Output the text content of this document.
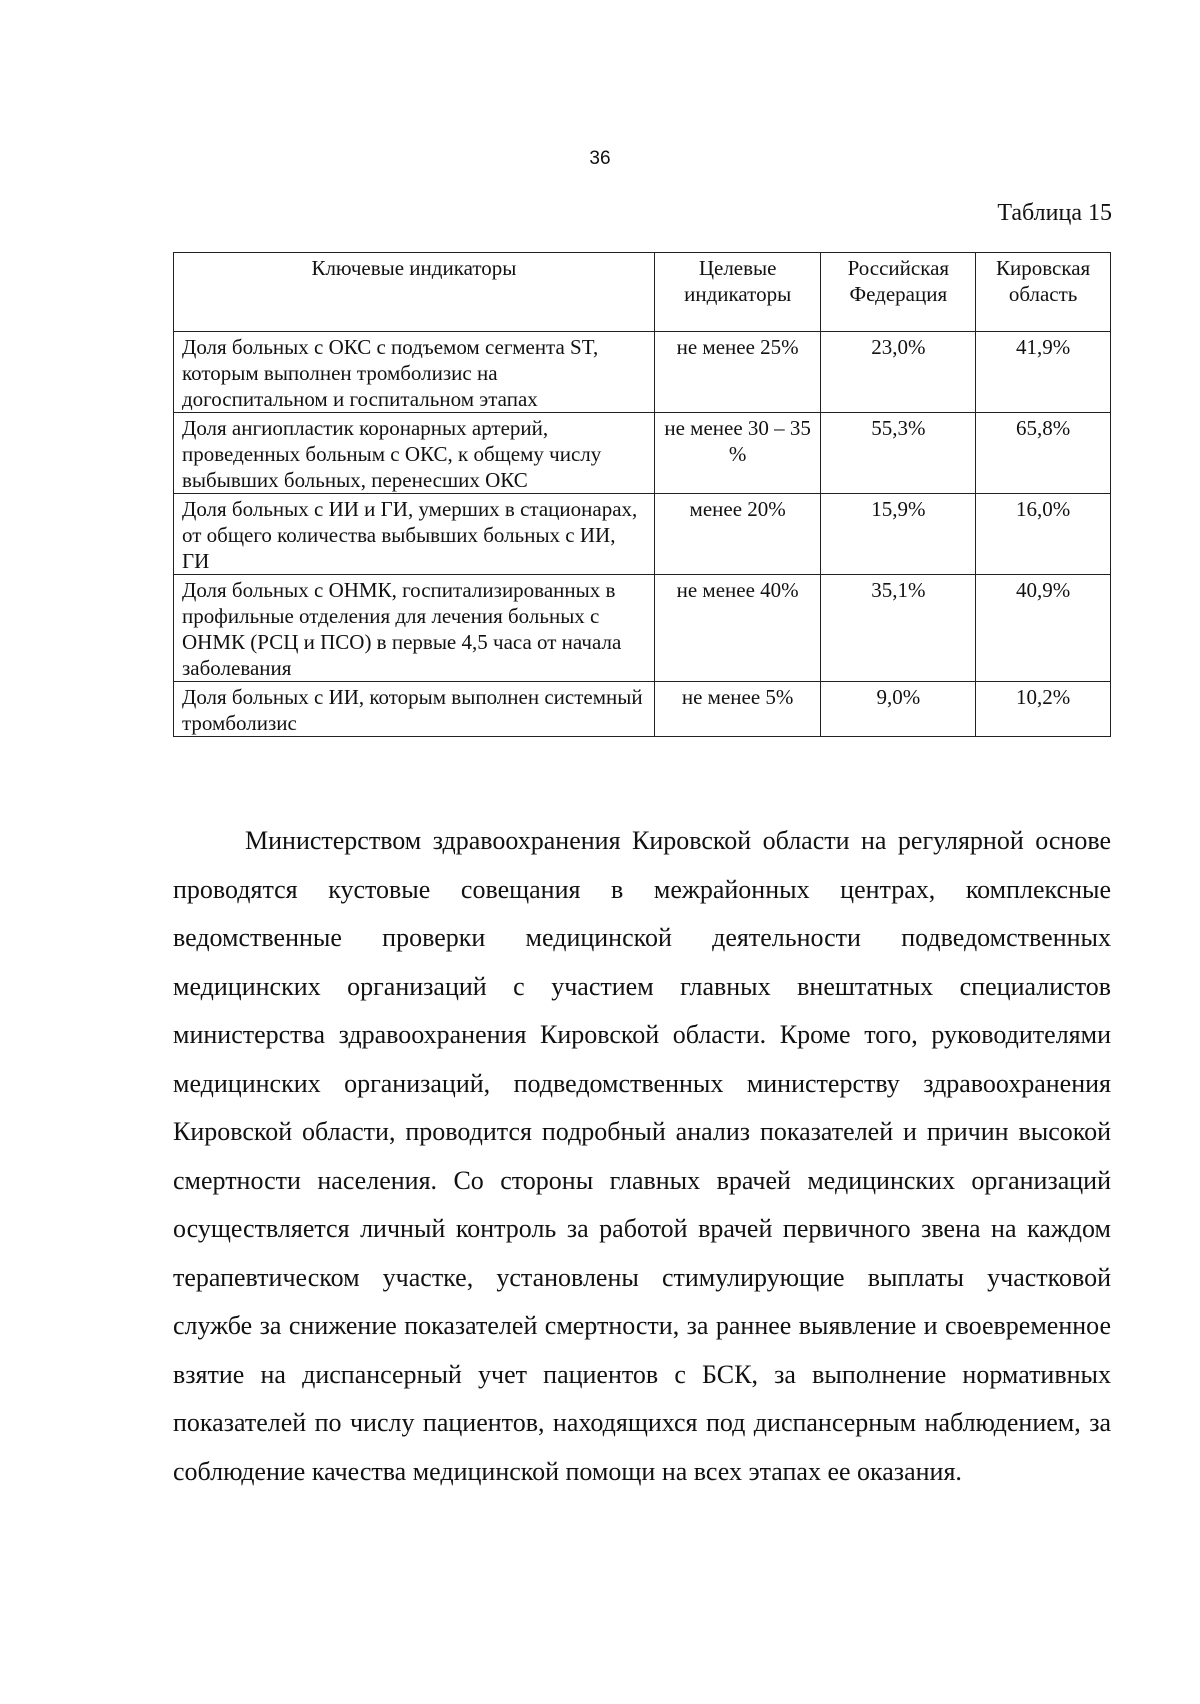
36
Таблица 15
Ключевые индикаторы	Целевые индикаторы	Российская Федерация	Кировская область
Доля больных с ОКС с подъемом сегмента ST, которым выполнен тромболизис на догоспитальном и госпитальном этапах	не менее 25%	23,0%	41,9%
Доля ангиопластик коронарных артерий, проведенных больным с ОКС, к общему числу выбывших больных, перенесших ОКС	не менее 30 – 35 %	55,3%	65,8%
Доля больных с ИИ и ГИ, умерших в стационарах, от общего количества выбывших больных с ИИ, ГИ	менее 20%	15,9%	16,0%
Доля больных с ОНМК, госпитализированных в профильные отделения для лечения больных с ОНМК (РСЦ и ПСО) в первые 4,5 часа от начала заболевания	не менее 40%	35,1%	40,9%
Доля больных с ИИ, которым выполнен системный тромболизис	не менее 5%	9,0%	10,2%

Министерством здравоохранения Кировской области на регулярной основе проводятся кустовые совещания в межрайонных центрах, комплексные ведомственные проверки медицинской деятельности подведомственных медицинских организаций с участием главных внештатных специалистов министерства здравоохранения Кировской области. Кроме того, руководителями медицинских организаций, подведомственных министерству здравоохранения Кировской области, проводится подробный анализ показателей и причин высокой смертности населения. Со стороны главных врачей медицинских организаций осуществляется личный контроль за работой врачей первичного звена на каждом терапевтическом участке, установлены стимулирующие выплаты участковой службе за снижение показателей смертности, за раннее выявление и своевременное взятие на диспансерный учет пациентов с БСК, за выполнение нормативных показателей по числу пациентов, находящихся под диспансерным наблюдением, за соблюдение качества медицинской помощи на всех этапах ее оказания.
